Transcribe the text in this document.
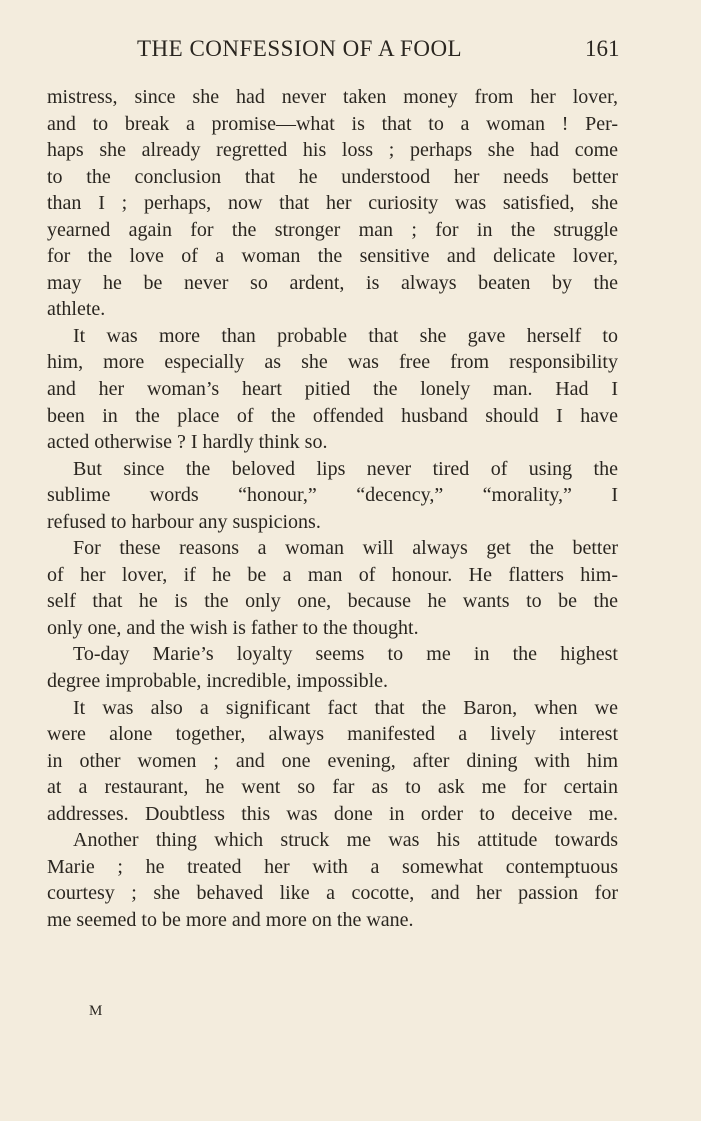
THE CONFESSION OF A FOOL	161
mistress, since she had never taken money from her lover,
and to break a promise—what is that to a woman ! Per-
haps she already regretted his loss ; perhaps she had come
to the conclusion that he understood her needs better
than I ; perhaps, now that her curiosity was satisfied, she
yearned again for the stronger man ; for in the struggle
for the love of a woman the sensitive and delicate lover,
may he be never so ardent, is always beaten by the
athlete.
It was more than probable that she gave herself to
him, more especially as she was free from responsibility
and her woman’s heart pitied the lonely man. Had I
been in the place of the offended husband should I have
acted otherwise ? I hardly think so.
But since the beloved lips never tired of using the
sublime words “honour,” “decency,” “morality,” I
refused to harbour any suspicions.
For these reasons a woman will always get the better
of her lover, if he be a man of honour. He flatters him-
self that he is the only one, because he wants to be the
only one, and the wish is father to the thought.
To-day Marie’s loyalty seems to me in the highest
degree improbable, incredible, impossible.
It was also a significant fact that the Baron, when we
were alone together, always manifested a lively interest
in other women ; and one evening, after dining with him
at a restaurant, he went so far as to ask me for certain
addresses. Doubtless this was done in order to deceive me.
Another thing which struck me was his attitude towards
Marie ; he treated her with a somewhat contemptuous
courtesy ; she behaved like a cocotte, and her passion for
me seemed to be more and more on the wane.
M
